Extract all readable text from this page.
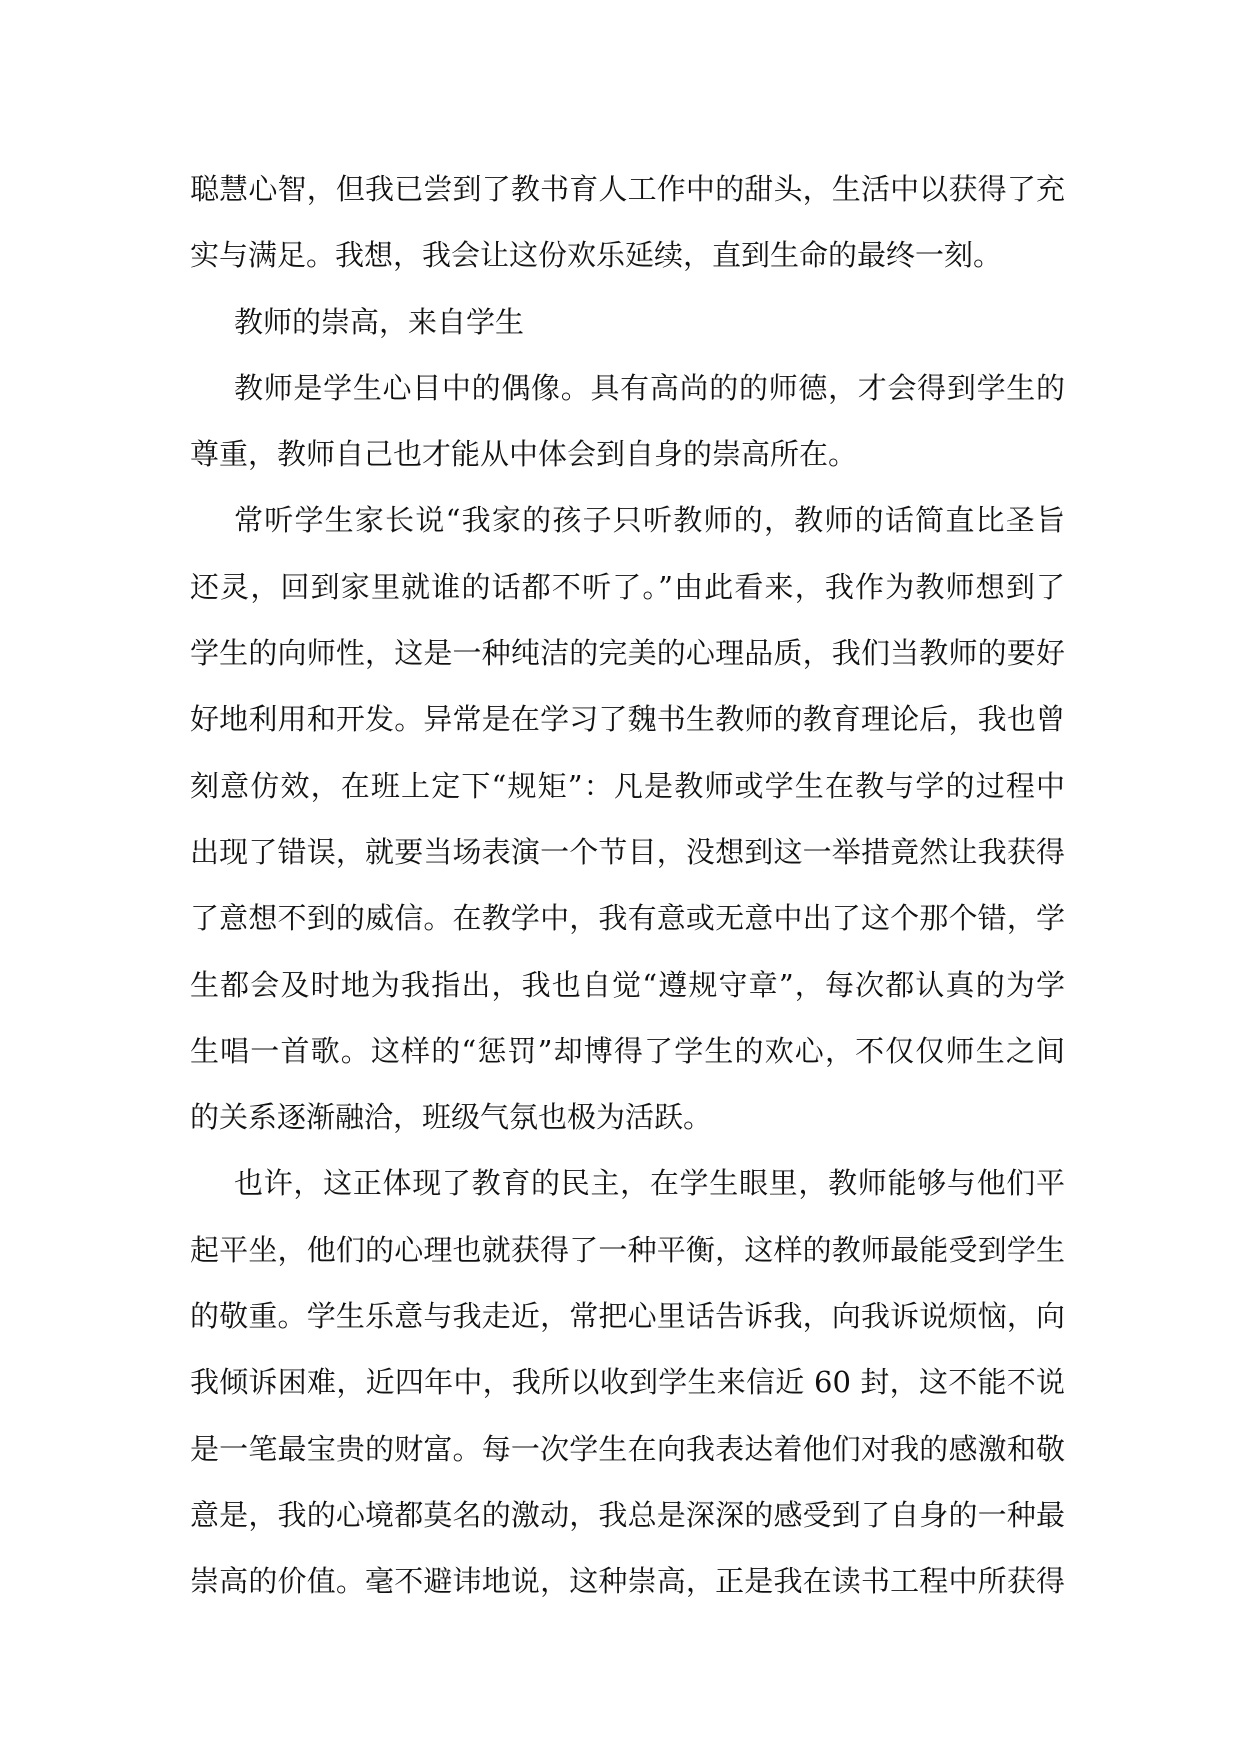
聪慧心智，但我已尝到了教书育人工作中的甜头，生活中以获得了充
实与满足。我想，我会让这份欢乐延续，直到生命的最终一刻。
教师的崇高，来自学生
教师是学生心目中的偶像。具有高尚的的师德，才会得到学生的
尊重，教师自己也才能从中体会到自身的崇高所在。
常听学生家长说“我家的孩子只听教师的，教师的话简直比圣旨
还灵，回到家里就谁的话都不听了。”由此看来，我作为教师想到了
学生的向师性，这是一种纯洁的完美的心理品质，我们当教师的要好
好地利用和开发。异常是在学习了魏书生教师的教育理论后，我也曾
刻意仿效，在班上定下“规矩”：凡是教师或学生在教与学的过程中
出现了错误，就要当场表演一个节目，没想到这一举措竟然让我获得
了意想不到的威信。在教学中，我有意或无意中出了这个那个错，学
生都会及时地为我指出，我也自觉“遵规守章”，每次都认真的为学
生唱一首歌。这样的“惩罚”却博得了学生的欢心，不仅仅师生之间
的关系逐渐融洽，班级气氛也极为活跃。
也许，这正体现了教育的民主，在学生眼里，教师能够与他们平
起平坐，他们的心理也就获得了一种平衡，这样的教师最能受到学生
的敬重。学生乐意与我走近，常把心里话告诉我，向我诉说烦恼，向
我倾诉困难，近四年中，我所以收到学生来信近 60 封，这不能不说
是一笔最宝贵的财富。每一次学生在向我表达着他们对我的感激和敬
意是，我的心境都莫名的激动，我总是深深的感受到了自身的一种最
崇高的价值。毫不避讳地说，这种崇高，正是我在读书工程中所获得
